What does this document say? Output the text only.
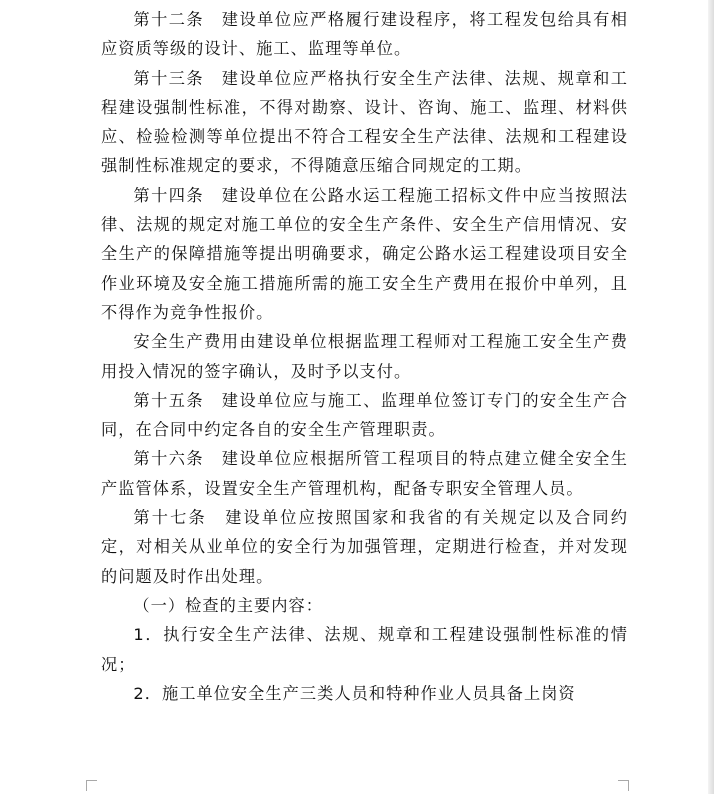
第十二条　建设单位应严格履行建设程序，将工程发包给具有相应资质等级的设计、施工、监理等单位。

第十三条　建设单位应严格执行安全生产法律、法规、规章和工程建设强制性标准，不得对勘察、设计、咨询、施工、监理、材料供应、检验检测等单位提出不符合工程安全生产法律、法规和工程建设强制性标准规定的要求，不得随意压缩合同规定的工期。

第十四条　建设单位在公路水运工程施工招标文件中应当按照法律、法规的规定对施工单位的安全生产条件、安全生产信用情况、安全生产的保障措施等提出明确要求，确定公路水运工程建设项目安全作业环境及安全施工措施所需的施工安全生产费用在报价中单列，且不得作为竞争性报价。

安全生产费用由建设单位根据监理工程师对工程施工安全生产费用投入情况的签字确认，及时予以支付。

第十五条　建设单位应与施工、监理单位签订专门的安全生产合同，在合同中约定各自的安全生产管理职责。

第十六条　建设单位应根据所管工程项目的特点建立健全安全生产监管体系，设置安全生产管理机构，配备专职安全管理人员。

第十七条　建设单位应按照国家和我省的有关规定以及合同约定，对相关从业单位的安全行为加强管理，定期进行检查，并对发现的问题及时作出处理。

（一）检查的主要内容：

1．执行安全生产法律、法规、规章和工程建设强制性标准的情况；

2．施工单位安全生产三类人员和特种作业人员具备上岗资
